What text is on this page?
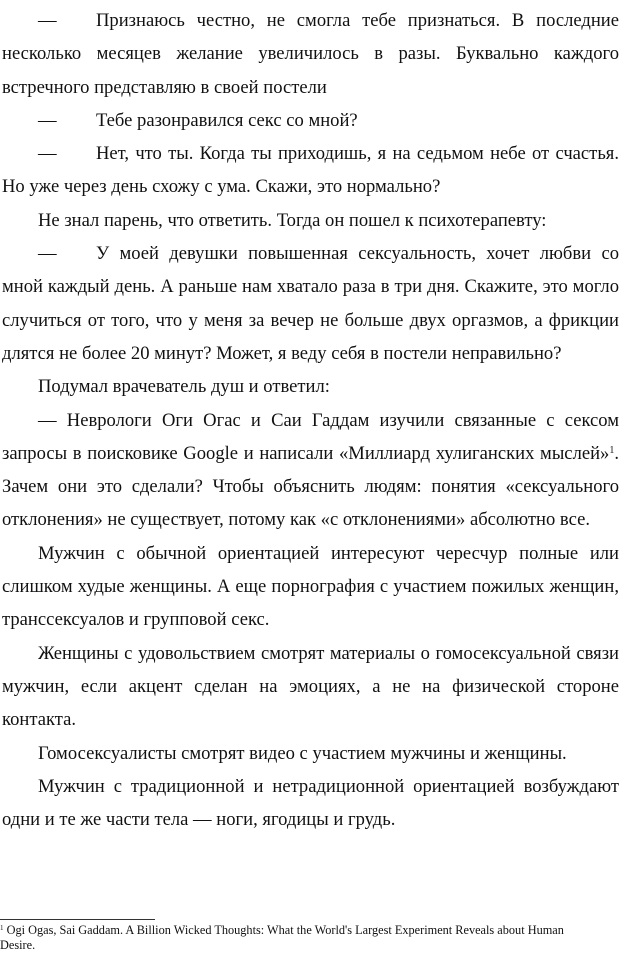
— Признаюсь честно, не смогла тебе признаться. В последние несколько месяцев желание увеличилось в разы. Буквально каждого встречного представляю в своей постели

— Тебе разонравился секс со мной?

— Нет, что ты. Когда ты приходишь, я на седьмом небе от счастья. Но уже через день схожу с ума. Скажи, это нормально?

Не знал парень, что ответить. Тогда он пошел к психотерапевту:

— У моей девушки повышенная сексуальность, хочет любви со мной каждый день. А раньше нам хватало раза в три дня. Скажите, это могло случиться от того, что у меня за вечер не больше двух оргазмов, а фрикции длятся не более 20 минут? Может, я веду себя в постели неправильно?

Подумал врачеватель душ и ответил:

— Неврологи Оги Огас и Саи Гаддам изучили связанные с сексом запросы в поисковике Google и написали «Миллиард хулиганских мыслей»$^1$. Зачем они это сделали? Чтобы объяснить людям: понятия «сексуального отклонения» не существует, потому как «с отклонениями» абсолютно все.

Мужчин с обычной ориентацией интересуют чересчур полные или слишком худые женщины. А еще порнография с участием пожилых женщин, транссексуалов и групповой секс.

Женщины с удовольствием смотрят материалы о гомосексуальной связи мужчин, если акцент сделан на эмоциях, а не на физической стороне контакта.

Гомосексуалисты смотрят видео с участием мужчины и женщины.

Мужчин с традиционной и нетрадиционной ориентацией возбуждают одни и те же части тела — ноги, ягодицы и грудь.

$^1$ Ogi Ogas, Sai Gaddam. A Billion Wicked Thoughts: What the World's Largest Experiment Reveals about Human Desire.
